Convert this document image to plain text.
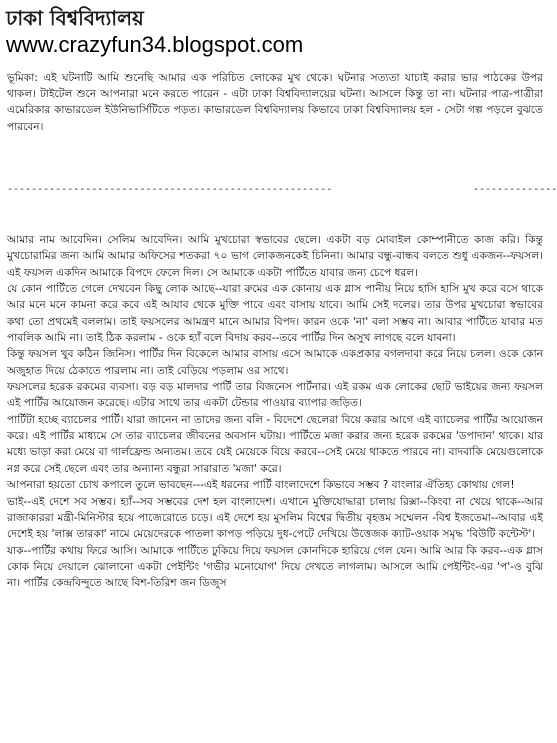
ঢাকা বিশ্ববিদ্যালয়
www.crazyfun34.blogspot.com

ভূমিকা: এই ঘটনাটি আমি শুনেছি আমার এক পরিচিত লোকের মুখ থেকে। ঘটনার সত্যতা যাচাই করার ভার পাঠকের উপর থাকল। টাইটেল শুনে আপনারা মনে করতে পারেন - এটা ঢাকা বিশ্ববিদ্যালয়ের ঘটনা। আসলে কিন্তু তা না। ঘটনার পাত্র-পাত্রীরা এমেরিকার কাভারডেল ইউনিভার্সিটিতে পড়ত। কাভারডেল বিশ্ববিদ্যালয় কিভাবে ঢাকা বিশ্ববিদ্যালয় হল - সেটা গল্প পড়লে বুঝতে পারবেন।

------------------------------------------------------	--------------

আমার নাম আবেদিন। সেলিম আবেদিন। আমি মুখচোরা স্বভাবের ছেলে। একটা বড় মোবাইল কোম্পানীতে কাজ করি। কিন্তু মুখচোরামির জন্য আমি আমার অফিসের শতকরা ৭০ ভাগ লোকজনকেই চিনিনা। আমার বন্ধু-বান্ধব বলতে শুধু একজন--ফয়সল। এই ফয়সল একদিন আমাকে বিপদে ফেলে দিল। সে আমাকে একটা পার্টিতে যাবার জন্য চেপে ধরল।

যে কোন পার্টিতে গেলে দেখবেন কিছু লোক আছে--যারা রুমের এক কোনায় এক গ্লাস পানীয় নিয়ে হাসি হাসি মুখ করে বসে থাকে আর মনে মনে কামনা করে কবে এই আযাব থেকে মুক্তি পাবে এবং বাসায় যাবে। আমি সেই দলের। তার উপর মুখচোরা স্বভাবের কথা তো প্রথমেই বললাম। তাই ফয়সলের আমন্ত্রণ মানে আমার বিপদ। কারন ওকে 'না' বলা সম্ভব না। আবার পার্টিতে যাবার মত পাবলিক আমি না। তাই ঠিক করলাম - ওকে হ্যাঁ বলে বিদায় করব--তবে পার্টির দিন অসুখ লাগছে বলে যাবনা।

কিন্তু ফয়সল খুব কঠিন জিনিস। পার্টির দিন বিকেলে আমার বাসায় এসে আমাকে একপ্রকার বগলদাবা করে নিয়ে চলল। ওকে কোন অজুহাত দিয়ে ঠেকাতে পারলাম না। তাই বেড়িয়ে পড়লাম ওর সাথে।

ফয়সলের হরেক রকমের ব্যবসা। বড় বড় মালদার পার্টি তার বিজনেস পার্টনার। এই রকম এক লোকের ছোট ভাইয়ের জন্য ফয়সল এই পার্টির আয়োজন করেছে। এটার সাথে তার একটা টেন্ডার পাওয়ার ব্যাপার জড়িত।

পার্টিটা হচ্ছে ব্যাচেলর পার্টি। যারা জানেন না তাদের জন্য বলি - বিদেশে ছেলেরা বিয়ে করার আগে এই ব্যাচেলর পার্টির আয়োজন করে। এই পার্টির মাধ্যমে সে তার ব্যাচেলর জীবনের অবসান ঘটায়। পার্টিতে মজা করার জন্য হরেক রকমের 'ডপাদান' থাকে। যার মধ্যে ভাড়া করা মেয়ে বা গার্লফ্রেন্ড অন্যতম। তবে যেই মেয়েকে বিয়ে করবে--সেই মেয়ে থাকতে পারবে না। বাদবাকি মেয়েগুলোকে নগ্ন করে সেই ছেলে এবং তার অন্যান্য বন্ধুরা সারারাত 'মজা' করে।

আপনারা হয়তো চোখ কপালে তুলে ভাবছেন---এই ধরনের পার্টি বাংলাদেশে কিভাবে সম্ভব ? বাংলার ঐতিহ্য কোথায় গেল!

ভাই--এই দেশে সব সম্ভব। হ্যাঁ--সব সম্ভবের দেশ হল বাংলাদেশ। এখানে মুক্তিযোদ্ধারা চালায় রিক্সা--কিংবা না খেয়ে থাকে--আর রাজাকাররা মন্ত্রী-মিনিস্টার হয়ে পাজেরোতে চড়ে। এই দেশে হয় মুসলিম বিশ্বের দ্বিতীয় বৃহত্তম সম্মেলন -বিশ্ব ইজতেমা--আবার এই দেশেই হয় 'লাক্স তারকা' নামে মেয়েদেরকে পাতলা কাপড় পড়িয়ে দুধ-পেটে দেখিয়ে উত্তেজক ক্যাট-ওয়াক সমৃদ্ধ 'বিউটি কন্টেস্ট'।

যাক--পার্টির কথায় ফিরে আসি। আমাকে পার্টিতে ঢুকিয়ে দিয়ে ফয়সল কোনদিকে হারিয়ে গেল যেন। আমি আর কি করব--এক গ্লাস কোক নিয়ে দেয়ালে ঝোলানো একটা পেইন্টিং 'গভীর মনোযোগ' দিয়ে দেখতে লাগলাম। আসলে আমি পেইন্টিং-এর 'প'-ও বুঝি না। পার্টির কেন্দ্রবিন্দুতে আছে বিশ-তিরিশ জন ডিজুস
